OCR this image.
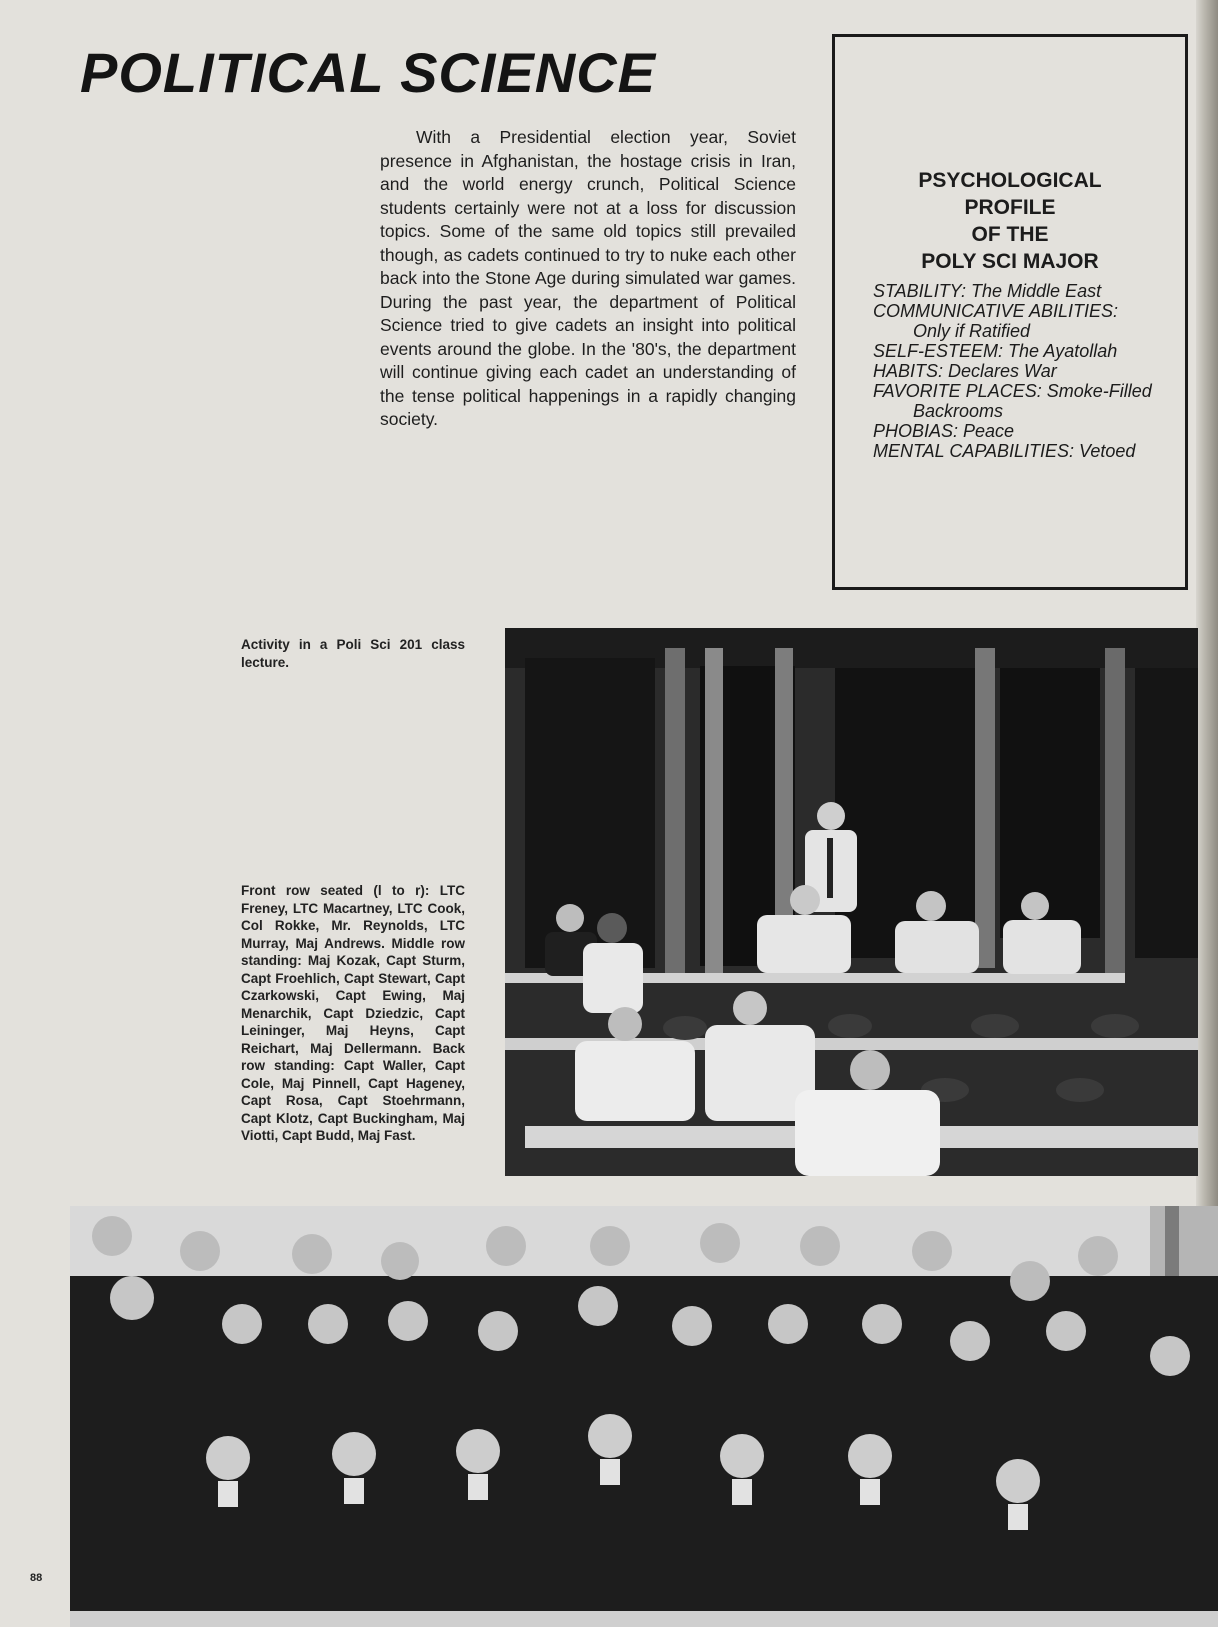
POLITICAL SCIENCE

With a Presidential election year, Soviet presence in Afghanistan, the hostage crisis in Iran, and the world energy crunch, Political Science students certainly were not at a loss for discussion topics. Some of the same old topics still prevailed though, as cadets continued to try to nuke each other back into the Stone Age during simulated war games. During the past year, the department of Political Science tried to give cadets an insight into political events around the globe. In the '80's, the department will continue giving each cadet an understanding of the tense political happenings in a rapidly changing society.

PSYCHOLOGICAL
PROFILE
OF THE
POLY SCI MAJOR
STABILITY: The Middle East
COMMUNICATIVE ABILITIES:
Only if Ratified
SELF-ESTEEM: The Ayatollah
HABITS: Declares War
FAVORITE PLACES: Smoke-Filled
Backrooms
PHOBIAS: Peace
MENTAL CAPABILITIES: Vetoed

Activity in a Poli Sci 201 class lecture.

Front row seated (l to r): LTC Freney, LTC Macartney, LTC Cook, Col Rokke, Mr. Reynolds, LTC Murray, Maj Andrews. Middle row standing: Maj Kozak, Capt Sturm, Capt Froehlich, Capt Stewart, Capt Czarkowski, Capt Ewing, Maj Menarchik, Capt Dziedzic, Capt Leininger, Maj Heyns, Capt Reichart, Maj Dellermann. Back row standing: Capt Waller, Capt Cole, Maj Pinnell, Capt Hageney, Capt Rosa, Capt Stoehrmann, Capt Klotz, Capt Buckingham, Maj Viotti, Capt Budd, Maj Fast.

88
